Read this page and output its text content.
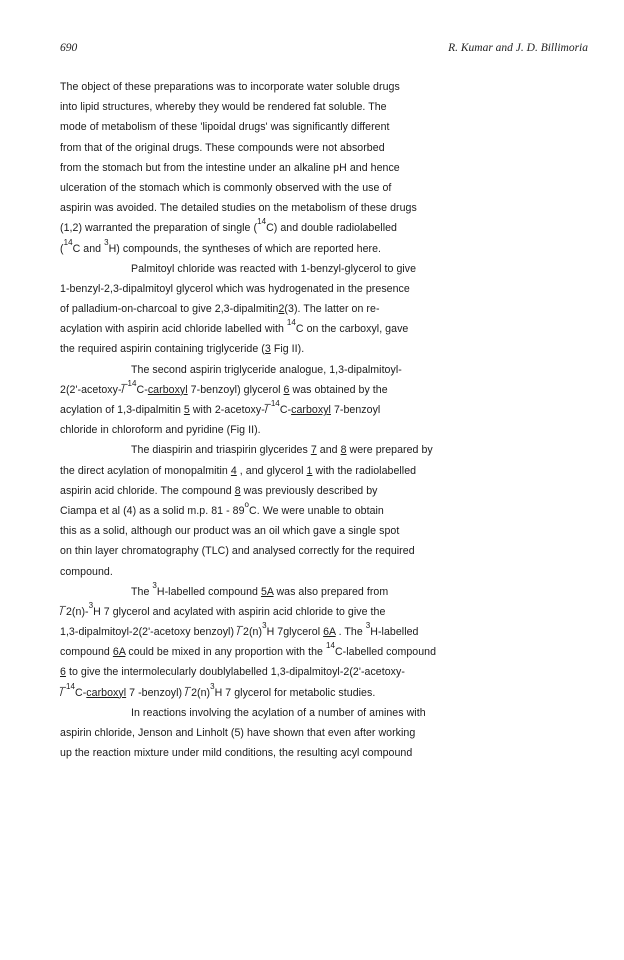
690	R. Kumar and J. D. Billimoria
The object of these preparations was to incorporate water soluble drugs
into lipid structures, whereby they would be rendered fat soluble. The
mode of metabolism of these 'lipoidal drugs' was significantly different
from that of the original drugs. These compounds were not absorbed
from the stomach but from the intestine under an alkaline pH and hence
ulceration of the stomach which is commonly observed with the use of
aspirin was avoided. The detailed studies on the metabolism of these drugs
(1,2) warranted the preparation of single ($^{14}$C) and double radiolabelled
($^{14}$C and $^3$H) compounds, the syntheses of which are reported here.
Palmitoyl chloride was reacted with 1-benzyl-glycerol to give
1-benzyl-2,3-dipalmitoyl glycerol which was hydrogenated in the presence
of palladium-on-charcoal to give 2,3-dipalmitin2(3). The latter on re-
acylation with aspirin acid chloride labelled with $^{14}$C on the carboxyl, gave
the required aspirin containing triglyceride (3 Fig II).
The second aspirin triglyceride analogue, 1,3-dipalmitoyl-
2(2'-acetoxy-/̅ $^{14}$C-carboxyl 7-benzoyl) glycerol 6 was obtained by the
acylation of 1,3-dipalmitin 5 with 2-acetoxy-/̅ $^{14}$C-carboxyl 7-benzoyl
chloride in chloroform and pyridine (Fig II).
The diaspirin and triaspirin glycerides 7 and 8 were prepared by
the direct acylation of monopalmitin 4 , and glycerol 1 with the radiolabelled
aspirin acid chloride. The compound 8 was previously described by
Ciampa et al (4) as a solid m.p. 81 - 89$^o$C. We were unable to obtain
this as a solid, although our product was an oil which gave a single spot
on thin layer chromatography (TLC) and analysed correctly for the required
compound.
The $^3$H-labelled compound 5A was also prepared from
/̅ 2(n)-$^3$H 7 glycerol and acylated with aspirin acid chloride to give the
1,3-dipalmitoyl-2(2'-acetoxy benzoyl) /̅ $2(n)^3H$ 7glycerol 6A . The $^3$H-labelled
compound 6A could be mixed in any proportion with the $^{14}$C-labelled compound
6 to give the intermolecularly doublylabelled 1,3-dipalmitoyl-2(2'-acetoxy-
/̅ $^{14}$C-carboxyl 7 -benzoyl) /̅ $2(n)^3H$ 7 glycerol for metabolic studies.
In reactions involving the acylation of a number of amines with
aspirin chloride, Jenson and Linholt (5) have shown that even after working
up the reaction mixture under mild conditions, the resulting acyl compound
